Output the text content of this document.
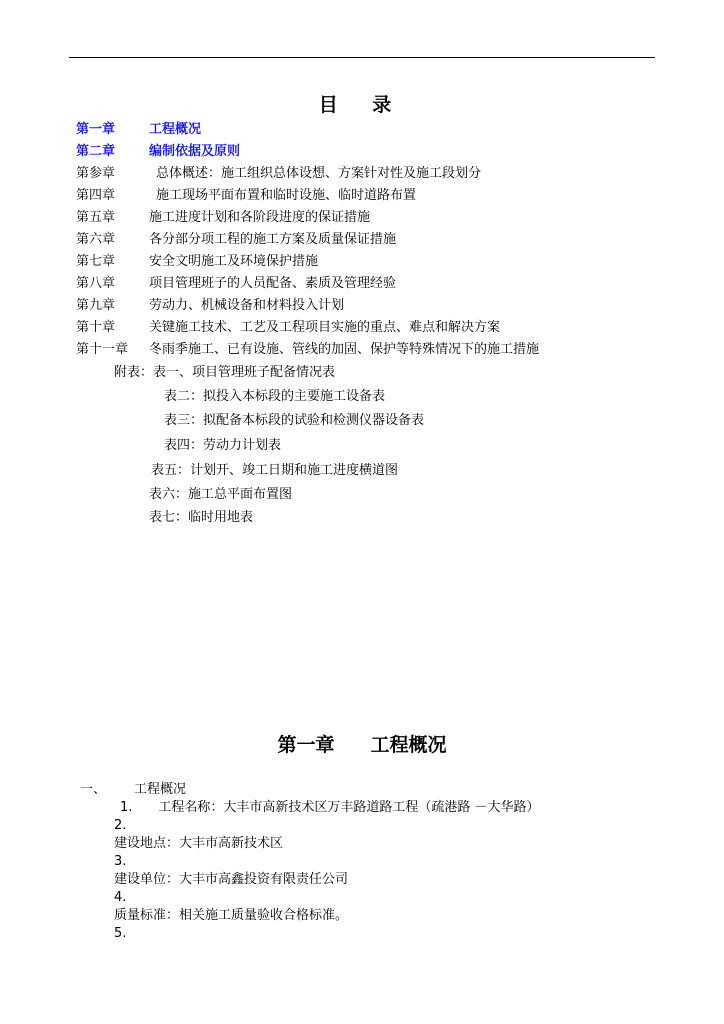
目 录
第一章	工程概况
第二章	编制依据及原则
第参章	总体概述：施工组织总体设想、方案针对性及施工段划分
第四章	施工现场平面布置和临时设施、临时道路布置
第五章	施工进度计划和各阶段进度的保证措施
第六章	各分部分项工程的施工方案及质量保证措施
第七章	安全文明施工及环境保护措施
第八章	项目管理班子的人员配备、素质及管理经验
第九章	劳动力、机械设备和材料投入计划
第十章	关键施工技术、工艺及工程项目实施的重点、难点和解决方案
第十一章 冬雨季施工、已有设施、管线的加固、保护等特殊情况下的施工措施
附表：表一、项目管理班子配备情况表
表二：拟投入本标段的主要施工设备表
表三：拟配备本标段的试验和检测仪器设备表
表四：劳动力计划表
表五：计划开、竣工日期和施工进度横道图
表六：施工总平面布置图
表七：临时用地表
第一章 工程概况
一、 工程概况
1.　　工程名称：大丰市高新技术区万丰路道路工程（疏港路 －大华路）
2.
建设地点：大丰市高新技术区
3.
建设单位：大丰市高鑫投资有限责任公司
4.
质量标准：相关施工质量验收合格标准。
5.
